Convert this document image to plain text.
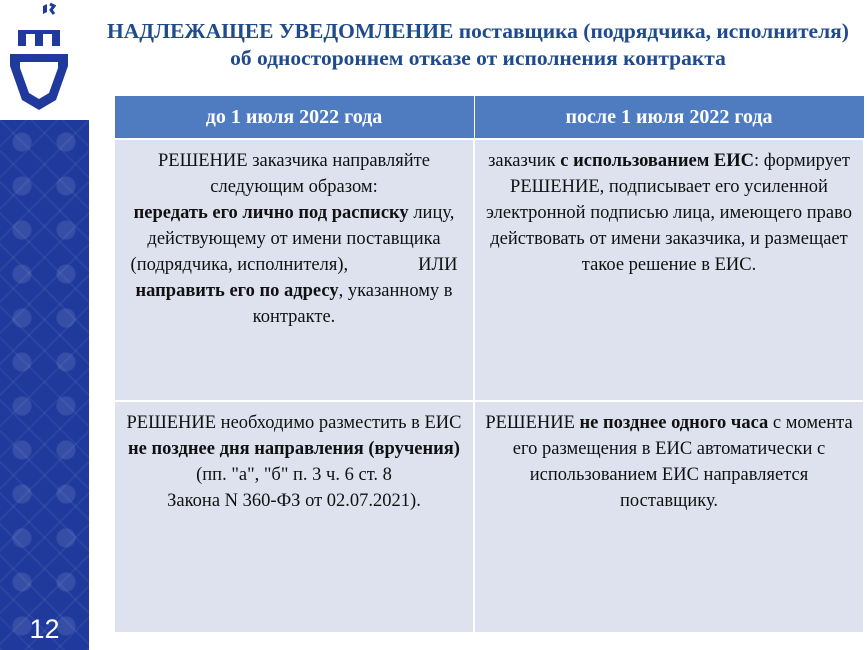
12
НАДЛЕЖАЩЕЕ УВЕДОМЛЕНИЕ поставщика (подрядчика, исполнителя) об одностороннем отказе от исполнения контракта
до 1 июля 2022 года	после 1 июля 2022 года
РЕШЕНИЕ заказчика направляйте следующим образом:
передать его лично под расписку лицу, действующему от имени поставщика (подрядчика, исполнителя), ИЛИ
направить его по адресу, указанному в контракте.	заказчик с использованием ЕИС: формирует РЕШЕНИЕ, подписывает его усиленной электронной подписью лица, имеющего право действовать от имени заказчика, и размещает такое решение в ЕИС.
РЕШЕНИЕ необходимо разместить в ЕИС не позднее дня направления (вручения)
(пп. "а", "б" п. 3 ч. 6 ст. 8
Закона N 360-ФЗ от 02.07.2021).	РЕШЕНИЕ не позднее одного часа с момента его размещения в ЕИС автоматически с использованием ЕИС направляется поставщику.
